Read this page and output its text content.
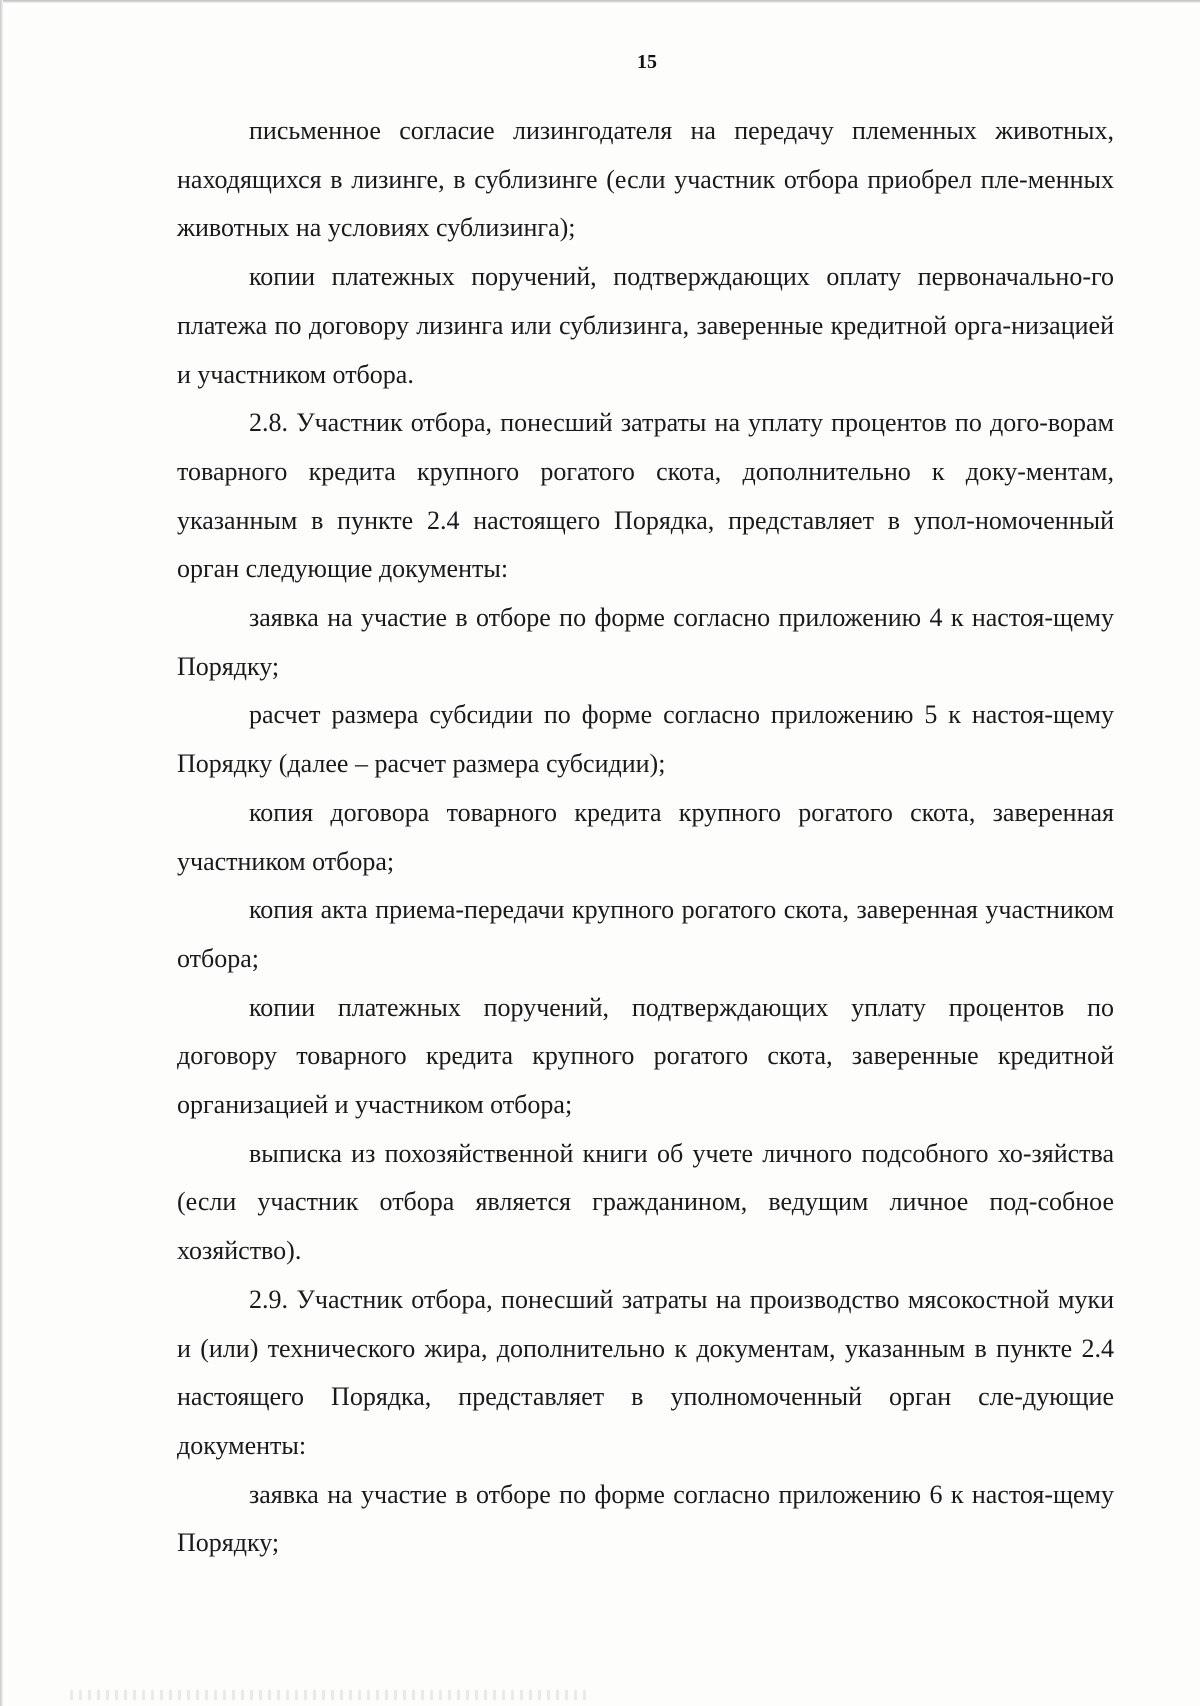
15

письменное согласие лизингодателя на передачу племенных животных, находящихся в лизинге, в сублизинге (если участник отбора приобрел пле-менных животных на условиях сублизинга);

копии платежных поручений, подтверждающих оплату первоначально-го платежа по договору лизинга или сублизинга, заверенные кредитной орга-низацией и участником отбора.

2.8. Участник отбора, понесший затраты на уплату процентов по дого-ворам товарного кредита крупного рогатого скота, дополнительно к доку-ментам, указанным в пункте 2.4 настоящего Порядка, представляет в упол-номоченный орган следующие документы:

заявка на участие в отборе по форме согласно приложению 4 к настоя-щему Порядку;

расчет размера субсидии по форме согласно приложению 5 к настоя-щему Порядку (далее – расчет размера субсидии);

копия договора товарного кредита крупного рогатого скота, заверенная участником отбора;

копия акта приема-передачи крупного рогатого скота, заверенная участником отбора;

копии платежных поручений, подтверждающих уплату процентов по договору товарного кредита крупного рогатого скота, заверенные кредитной организацией и участником отбора;

выписка из похозяйственной книги об учете личного подсобного хо-зяйства (если участник отбора является гражданином, ведущим личное под-собное хозяйство).

2.9. Участник отбора, понесший затраты на производство мясокостной муки и (или) технического жира, дополнительно к документам, указанным в пункте 2.4 настоящего Порядка, представляет в уполномоченный орган сле-дующие документы:

заявка на участие в отборе по форме согласно приложению 6 к настоя-щему Порядку;
